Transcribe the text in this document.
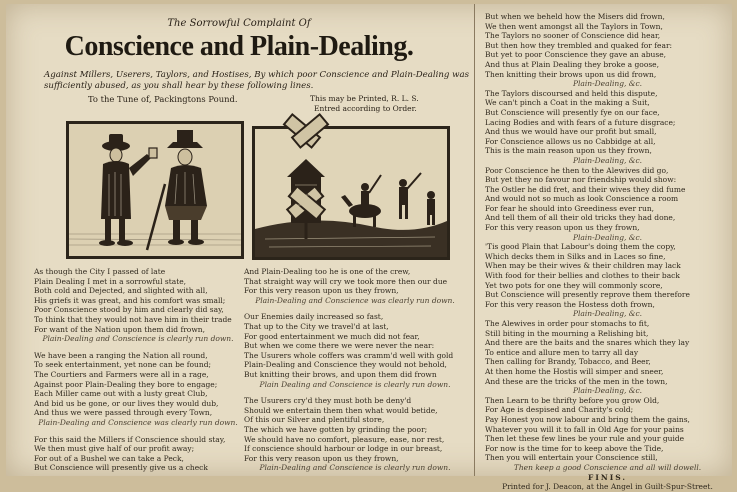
The Sorrowful Complaint Of
Conscience and Plain-Dealing.
Against Millers, Userers, Taylors, and Hostises, By which poor Conscience and Plain-Dealing was sufficiently abused, as you shall hear by these following lines.
To the Tune of, Packingtons Pound.	This may be Printed, R. L. S.
Entred according to Order.
As though the City I passed of late
Plain Dealing I met in a sorrowful state,
Both cold and Dejected, and slighted with all,
His griefs it was great, and his comfort was small;
Poor Conscience stood by him and clearly did say,
To think that they would not have him in their trade
For want of the Nation upon them did frown,
Plain-Dealing and Conscience is clearly run down.
We have been a ranging the Nation all round,
To seek entertainment, yet none can be found;
The Courtiers and Farmers were all in a rage,
Against poor Plain-Dealing they bore to engage;
Each Miller came out with a lusty great Club,
And bid us be gone, or our lives they would dub,
And thus we were passed through every Town,
Plain-Dealing and Conscience was clearly run down.
For this said the Millers if Conscience should stay,
We then must give half of our profit away;
For out of a Bushel we can take a Peck,
But Conscience will presently give us a check
And Plain-Dealing too he is one of the crew,
That straight way will cry we took more then our due
For this very reason upon us they frown,
Plain-Dealing and Conscience was clearly run down.
Our Enemies daily increased so fast,
That up to the City we travel'd at last,
For good entertainment we much did not fear,
But when we come there we were never the near:
The Usurers whole coffers was cramm'd well with gold
Plain-Dealing and Conscience they would not behold,
But knitting their brows, and upon them did frown
Plain Dealing and Conscience is clearly run down.
The Usurers cry'd they must both be deny'd
Should we entertain them then what would betide,
Of this our Silver and plentiful store,
The which we have gotten by grinding the poor;
We should have no comfort, pleasure, ease, nor rest,
If conscience should harbour or lodge in our breast,
For this very reason upon us they frown,
Plain-Dealing and Conscience is clearly run down.
But when we beheld how the Misers did frown,
We then went amongst all the Taylors in Town,
The Taylors no sooner of Conscience did hear,
But then how they trembled and quaked for fear:
But yet to poor Conscience they gave an abuse,
And thus at Plain Dealing they broke a goose,
Then knitting their brows upon us did frown,
Plain-Dealing, &c.
The Taylors discoursed and held this dispute,
We can't pinch a Coat in the making a Suit,
But Conscience will presently fye on our face,
Lacing Bodies and with fears of a future disgrace;
And thus we would have our profit but small,
For Conscience allows us no Cabbidge at all,
This is the main reason upon us they frown,
Plain-Dealing, &c.
Poor Conscience he then to the Alewives did go,
But yet they no favour nor friendship would show:
The Ostler he did fret, and their wives they did fume
And would not so much as look Conscience a room
For fear he should into Greediness ever run,
And tell them of all their old tricks they had done,
For this very reason upon us they frown,
Plain-Dealing, &c.
'Tis good Plain that Labour's doing them the copy,
Which decks them in Silks and in Laces so fine,
When may be their wives & their children may lack
With food for their bellies and clothes to their back
Yet two pots for one they will commonly score,
But Conscience will presently reprove them therefore
For this very reason the Hostess doth frown,
Plain-Dealing, &c.
The Alewives in order pour stomachs to fit,
Still biting in the mourning a Relishing bit,
And there are the baits and the snares which they lay
To entice and allure men to tarry all day
Then calling for Brandy, Tobacco, and Beer,
At then home the Hostis will simper and sneer,
And these are the tricks of the men in the town,
Plain-Dealing, &c.
Then Learn to be thrifty before you grow Old,
For Age is despised and Charity's cold;
Pay Honest you now labour and bring them the gains,
Whatever you will it to fall in Old Age for your pains
Then let these few lines be your rule and your guide
For now is the time for to keep above the Tide,
Then you will entertain your Conscience still,
Then keep a good Conscience and all will dowell.
FINIS.
Printed for J. Deacon, at the Angel in Guilt-Spur-Street.
